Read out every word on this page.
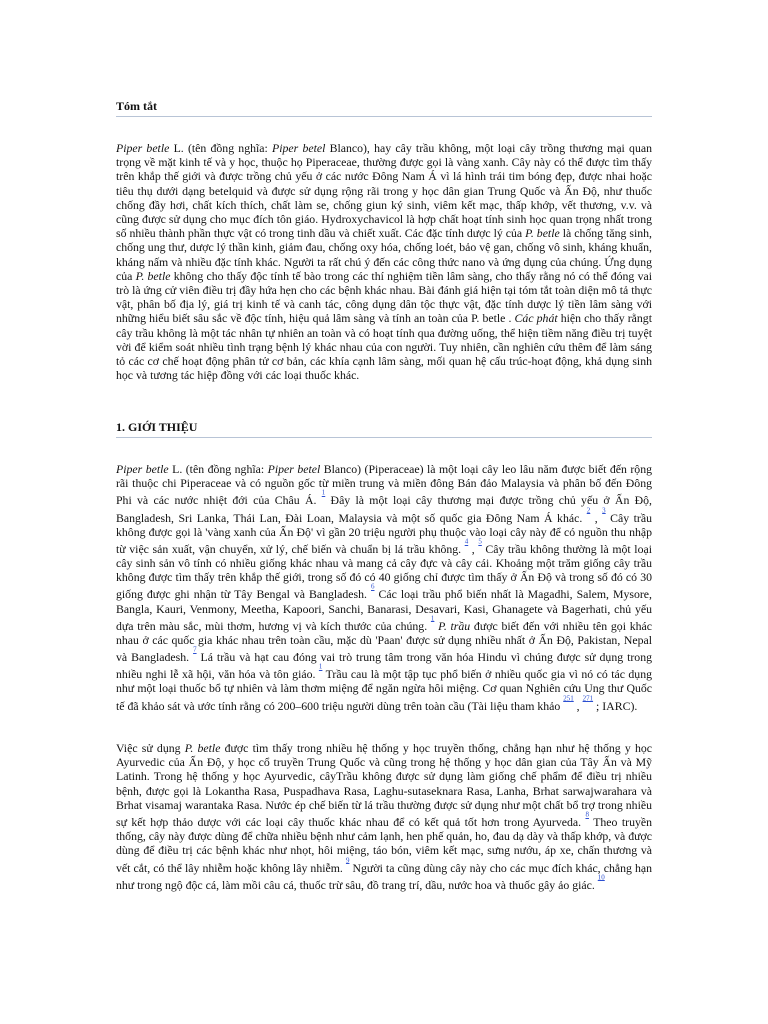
Tóm tắt

Piper betle L. (tên đồng nghĩa: Piper betel Blanco), hay cây trầu không, một loại cây trồng thương mại quan trọng về mặt kinh tế và y học, thuộc họ Piperaceae, thường được gọi là vàng xanh. Cây này có thể được tìm thấy trên khắp thế giới và được trồng chủ yếu ở các nước Đông Nam Á vì lá hình trái tim bóng đẹp, được nhai hoặc tiêu thụ dưới dạng betelquid và được sử dụng rộng rãi trong y học dân gian Trung Quốc và Ấn Độ, như thuốc chống đầy hơi, chất kích thích, chất làm se, chống giun ký sinh, viêm kết mạc, thấp khớp, vết thương, v.v. và cũng được sử dụng cho mục đích tôn giáo. Hydroxychavicol là hợp chất hoạt tính sinh học quan trọng nhất trong số nhiều thành phần thực vật có trong tinh dầu và chiết xuất. Các đặc tính dược lý của P. betle là chống tăng sinh, chống ung thư, dược lý thần kinh, giảm đau, chống oxy hóa, chống loét, bảo vệ gan, chống vô sinh, kháng khuẩn, kháng nấm và nhiều đặc tính khác. Người ta rất chú ý đến các công thức nano và ứng dụng của chúng. Ứng dụng của P. betle không cho thấy độc tính tế bào trong các thí nghiệm tiền lâm sàng, cho thấy rằng nó có thể đóng vai trò là ứng cử viên điều trị đầy hứa hẹn cho các bệnh khác nhau. Bài đánh giá hiện tại tóm tắt toàn diện mô tả thực vật, phân bố địa lý, giá trị kinh tế và canh tác, công dụng dân tộc thực vật, đặc tính dược lý tiền lâm sàng với những hiểu biết sâu sắc về độc tính, hiệu quả lâm sàng và tính an toàn của P. betle . Các phát hiện cho thấy rằngt cây trầu không là một tác nhân tự nhiên an toàn và có hoạt tính qua đường uống, thể hiện tiềm năng điều trị tuyệt vời để kiểm soát nhiều tình trạng bệnh lý khác nhau của con người. Tuy nhiên, cần nghiên cứu thêm để làm sáng tỏ các cơ chế hoạt động phân tử cơ bản, các khía cạnh lâm sàng, mối quan hệ cấu trúc-hoạt động, khả dụng sinh học và tương tác hiệp đồng với các loại thuốc khác.

1. GIỚI THIỆU

Piper betle L. (tên đồng nghĩa: Piper betel Blanco) (Piperaceae) là một loại cây leo lâu năm được biết đến rộng rãi thuộc chi Piperaceae và có nguồn gốc từ miền trung và miền đông Bán đảo Malaysia và phân bố đến Đông Phi và các nước nhiệt đới của Châu Á. $^{^1}$ Đây là một loại cây thương mại được trồng chủ yếu ở Ấn Độ, Bangladesh, Sri Lanka, Thái Lan, Đài Loan, Malaysia và một số quốc gia Đông Nam Á khác. $^{^2}$ , $^{^3}$ Cây trầu không được gọi là 'vàng xanh của Ấn Độ' vì gần 20 triệu người phụ thuộc vào loại cây này để có nguồn thu nhập từ việc sản xuất, vận chuyển, xử lý, chế biến và chuẩn bị lá trầu không. $^{^4}$ , $^{^5}$ Cây trầu không thường là một loại cây sinh sản vô tính có nhiều giống khác nhau và mang cả cây đực và cây cái. Khoảng một trăm giống cây trầu không được tìm thấy trên khắp thế giới, trong số đó có 40 giống chỉ được tìm thấy ở Ấn Độ và trong số đó có 30 giống được ghi nhận từ Tây Bengal và Bangladesh. $^{^6}$ Các loại trầu phổ biến nhất là Magadhi, Salem, Mysore, Bangla, Kauri, Venmony, Meetha, Kapoori, Sanchi, Banarasi, Desavari, Kasi, Ghanagete và Bagerhati, chủ yếu dựa trên màu sắc, mùi thơm, hương vị và kích thước của chúng. $^{^1}$ P. trầu được biết đến với nhiều tên gọi khác nhau ở các quốc gia khác nhau trên toàn cầu, mặc dù 'Paan' được sử dụng nhiều nhất ở Ấn Độ, Pakistan, Nepal và Bangladesh. $^{^7}$ Lá trầu và hạt cau đóng vai trò trung tâm trong văn hóa Hindu vì chúng được sử dụng trong nhiều nghi lễ xã hội, văn hóa và tôn giáo. $^{^1}$ Trầu cau là một tập tục phổ biến ở nhiều quốc gia vì nó có tác dụng như một loại thuốc bổ tự nhiên và làm thơm miệng để ngăn ngừa hôi miệng. Cơ quan Nghiên cứu Ung thư Quốc tế đã khảo sát và ước tính rằng có 200–600 triệu người dùng trên toàn cầu (Tài liệu tham khảo $^{^{251}}$ , $^{^{271}}$ ; IARC).

Việc sử dụng P. betle được tìm thấy trong nhiều hệ thống y học truyền thống, chẳng hạn như hệ thống y học Ayurvedic của Ấn Độ, y học cổ truyền Trung Quốc và cũng trong hệ thống y học dân gian của Tây Ấn và Mỹ Latinh. Trong hệ thống y học Ayurvedic, câyTrầu không được sử dụng làm giống chế phẩm để điều trị nhiều bệnh, được gọi là Lokantha Rasa, Puspadhava Rasa, Laghu-sutaseknara Rasa, Lanha, Brhat sarwajwarahara và Brhat visamaj warantaka Rasa. Nước ép chế biến từ lá trầu thường được sử dụng như một chất bổ trợ trong nhiều sự kết hợp thảo dược với các loại cây thuốc khác nhau để có kết quả tốt hơn trong Ayurveda. $^{^8}$ Theo truyền thống, cây này được dùng để chữa nhiều bệnh như cảm lạnh, hen phế quản, ho, đau dạ dày và thấp khớp, và được dùng để điều trị các bệnh khác như nhọt, hôi miệng, táo bón, viêm kết mạc, sưng nướu, áp xe, chấn thương và vết cắt, có thể lây nhiễm hoặc không lây nhiễm. $^{^9}$ Người ta cũng dùng cây này cho các mục đích khác, chẳng hạn như trong ngộ độc cá, làm mồi câu cá, thuốc trừ sâu, đồ trang trí, dầu, nước hoa và thuốc gây ảo giác. $^{^{10}}$
